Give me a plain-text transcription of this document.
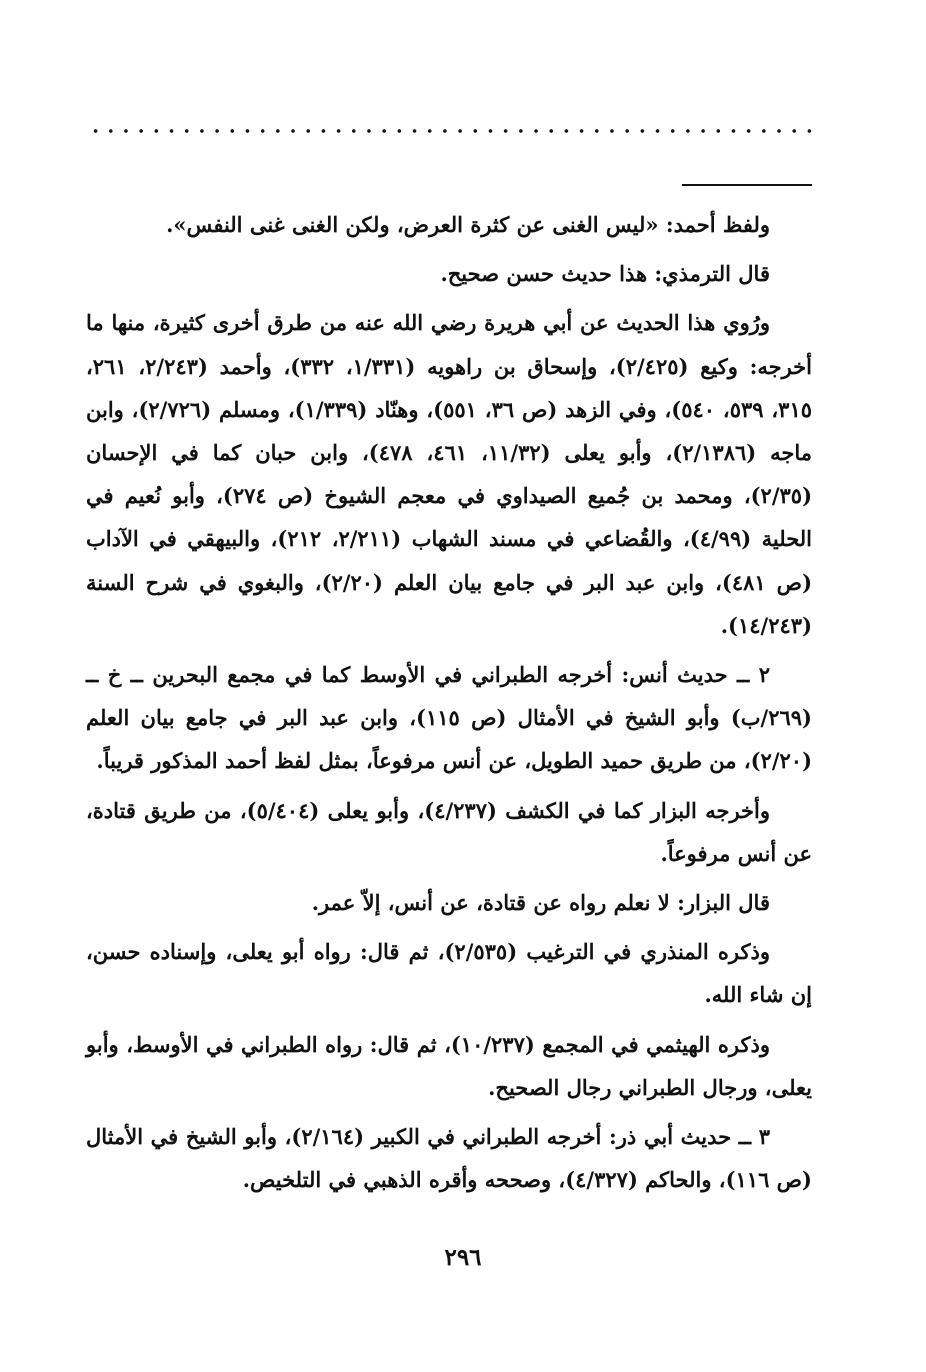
ولفظ أحمد: «ليس الغنى عن كثرة العرض، ولكن الغنى غنى النفس».

قال الترمذي: هذا حديث حسن صحيح.

ورُوي هذا الحديث عن أبي هريرة رضي الله عنه من طرق أخرى كثيرة، منها ما أخرجه: وكيع (٢/٤٢٥)، وإسحاق بن راهويه (١/٣٣١، ٣٣٢)، وأحمد (٢/٢٤٣، ٢٦١، ٣١٥، ٥٣٩، ٥٤٠)، وفي الزهد (ص ٣٦، ٥٥١)، وهنّاد (١/٣٣٩)، ومسلم (٢/٧٢٦)، وابن ماجه (٢/١٣٨٦)، وأبو يعلى (١١/٣٢، ٤٦١، ٤٧٨)، وابن حبان كما في الإحسان (٢/٣٥)، ومحمد بن جُميع الصيداوي في معجم الشيوخ (ص ٢٧٤)، وأبو نُعيم في الحلية (٤/٩٩)، والقُضاعي في مسند الشهاب (٢/٢١١، ٢١٢)، والبيهقي في الآداب (ص ٤٨١)، وابن عبد البر في جامع بيان العلم (٢/٢٠)، والبغوي في شرح السنة (١٤/٢٤٣).

٢ ــ حديث أنس: أخرجه الطبراني في الأوسط كما في مجمع البحرين ــ خ ــ (٢٦٩/ب) وأبو الشيخ في الأمثال (ص ١١٥)، وابن عبد البر في جامع بيان العلم (٢/٢٠)، من طريق حميد الطويل، عن أنس مرفوعاً، بمثل لفظ أحمد المذكور قريباً.

وأخرجه البزار كما في الكشف (٤/٢٣٧)، وأبو يعلى (٥/٤٠٤)، من طريق قتادة، عن أنس مرفوعاً.

قال البزار: لا نعلم رواه عن قتادة، عن أنس، إلاّ عمر.

وذكره المنذري في الترغيب (٢/٥٣٥)، ثم قال: رواه أبو يعلى، وإسناده حسن، إن شاء الله.

وذكره الهيثمي في المجمع (١٠/٢٣٧)، ثم قال: رواه الطبراني في الأوسط، وأبو يعلى، ورجال الطبراني رجال الصحيح.

٣ ــ حديث أبي ذر: أخرجه الطبراني في الكبير (٢/١٦٤)، وأبو الشيخ في الأمثال (ص ١١٦)، والحاكم (٤/٣٢٧)، وصححه وأقره الذهبي في التلخيص.

٢٩٦
